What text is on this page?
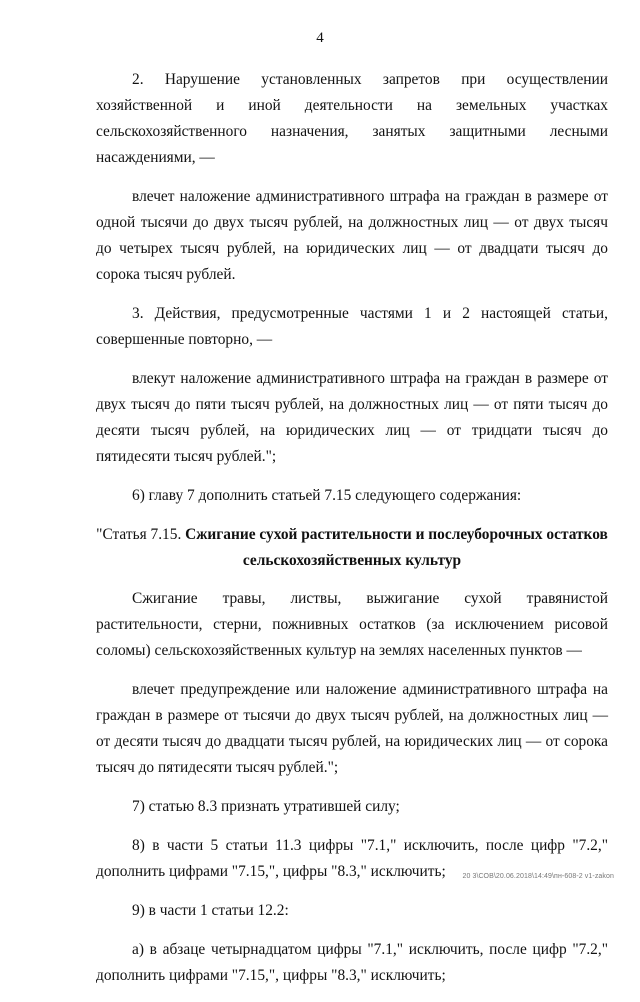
4

2. Нарушение установленных запретов при осуществлении хозяйственной и иной деятельности на земельных участках сельскохозяйственного назначения, занятых защитными лесными насаждениями, —

влечет наложение административного штрафа на граждан в размере от одной тысячи до двух тысяч рублей, на должностных лиц — от двух тысяч до четырех тысяч рублей, на юридических лиц — от двадцати тысяч до сорока тысяч рублей.

3. Действия, предусмотренные частями 1 и 2 настоящей статьи, совершенные повторно, —

влекут наложение административного штрафа на граждан в размере от двух тысяч до пяти тысяч рублей, на должностных лиц — от пяти тысяч до десяти тысяч рублей, на юридических лиц — от тридцати тысяч до пятидесяти тысяч рублей.";

6) главу 7 дополнить статьей 7.15 следующего содержания:

"Статья 7.15. Сжигание сухой растительности и послеуборочных остатков сельскохозяйственных культур

Сжигание травы, листвы, выжигание сухой травянистой растительности, стерни, пожнивных остатков (за исключением рисовой соломы) сельскохозяйственных культур на землях населенных пунктов —

влечет предупреждение или наложение административного штрафа на граждан в размере от тысячи до двух тысяч рублей, на должностных лиц — от десяти тысяч до двадцати тысяч рублей, на юридических лиц — от сорока тысяч до пятидесяти тысяч рублей.";

7) статью 8.3 признать утратившей силу;

8) в части 5 статьи 11.3 цифры "7.1," исключить, после цифр "7.2," дополнить цифрами "7.15,", цифры "8.3," исключить;

9) в части 1 статьи 12.2:

а) в абзаце четырнадцатом цифры "7.1," исключить, после цифр "7.2," дополнить цифрами "7.15,", цифры "8.3," исключить;

20 3\СОВ\20.06.2018\14:49\пн-608-2 v1-zakon
